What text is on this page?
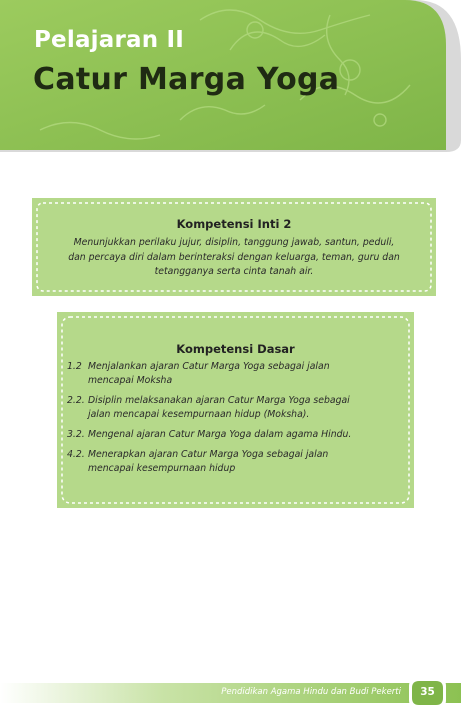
Pelajaran II
Catur Marga Yoga
Kompetensi Inti 2
Menunjukkan perilaku jujur, disiplin, tanggung jawab, santun, peduli,
dan percaya diri dalam berinteraksi dengan keluarga, teman, guru dan
tetangganya serta cinta tanah air.
Kompetensi Dasar
1.2 Menjalankan ajaran Catur Marga Yoga sebagai jalan
mencapai Moksha
2.2. Disiplin melaksanakan ajaran Catur Marga Yoga sebagai
jalan mencapai kesempurnaan hidup (Moksha).
3.2. Mengenal ajaran Catur Marga Yoga dalam agama Hindu.
4.2. Menerapkan ajaran Catur Marga Yoga sebagai jalan
mencapai kesempurnaan hidup
Pendidikan Agama Hindu dan Budi Pekerti	35
